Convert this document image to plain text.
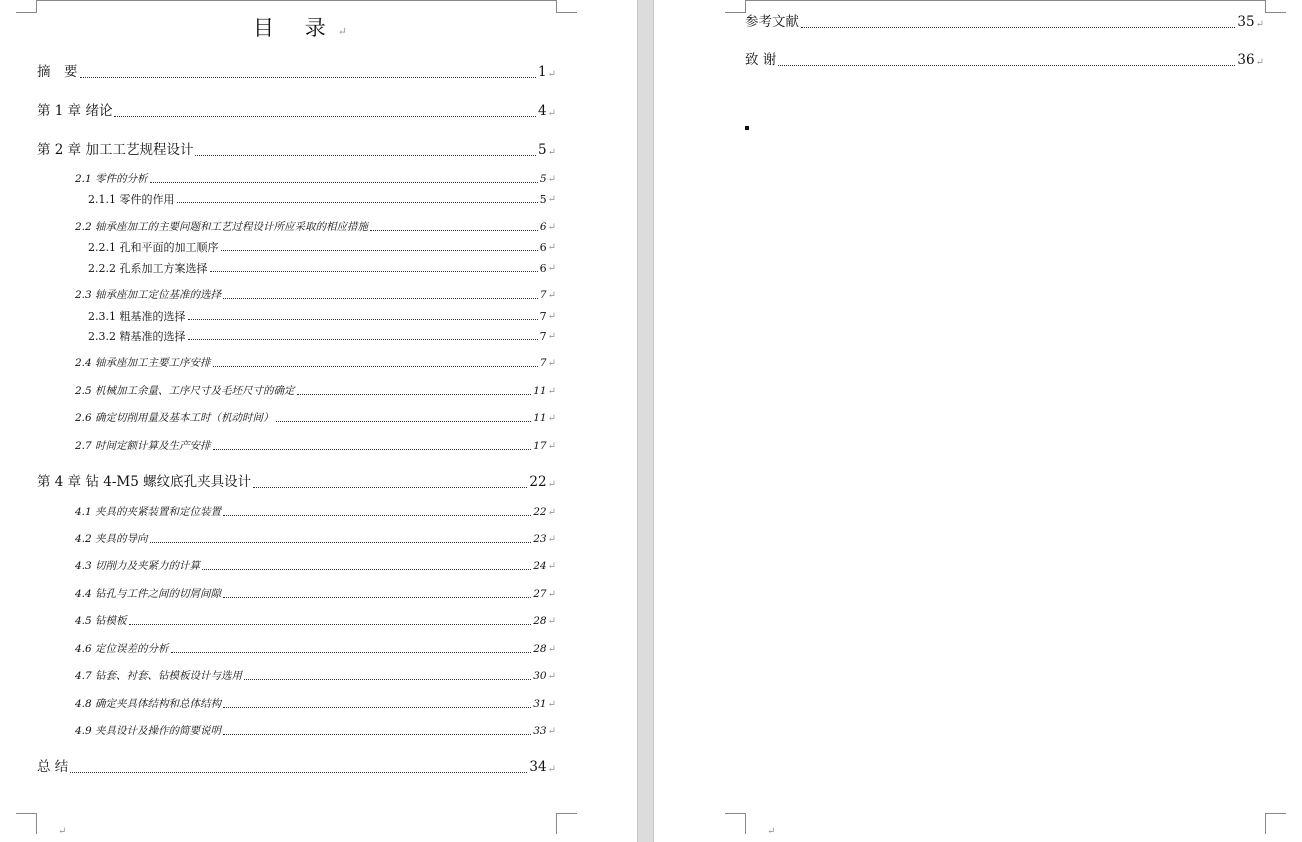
目 录↵
摘　要	1 ↵
第 1 章 绪论	4 ↵
第 2 章 加工工艺规程设计	5 ↵
2.1 零件的分析	5 ↵
2.1.1 零件的作用	5 ↵
2.2 轴承座加工的主要问题和工艺过程设计所应采取的相应措施	6 ↵
2.2.1 孔和平面的加工顺序	6 ↵
2.2.2 孔系加工方案选择	6 ↵
2.3 轴承座加工定位基准的选择	7 ↵
2.3.1 粗基准的选择	7 ↵
2.3.2 精基准的选择	7 ↵
2.4 轴承座加工主要工序安排	7 ↵
2.5 机械加工余量、工序尺寸及毛坯尺寸的确定	11 ↵
2.6 确定切削用量及基本工时（机动时间）	11 ↵
2.7 时间定额计算及生产安排	17 ↵
第 4 章 钻 4-M5 螺纹底孔夹具设计	22 ↵
4.1 夹具的夹紧装置和定位装置	22 ↵
4.2 夹具的导向	23 ↵
4.3 切削力及夹紧力的计算	24 ↵
4.4 钻孔与工件之间的切屑间隙	27 ↵
4.5 钻模板	28 ↵
4.6 定位误差的分析	28 ↵
4.7 钻套、衬套、钻模板设计与选用	30 ↵
4.8 确定夹具体结构和总体结构	31 ↵
4.9 夹具设计及操作的简要说明	33 ↵
总 结	34 ↵
↵
参考文献	35 ↵
致 谢	36 ↵
↵
